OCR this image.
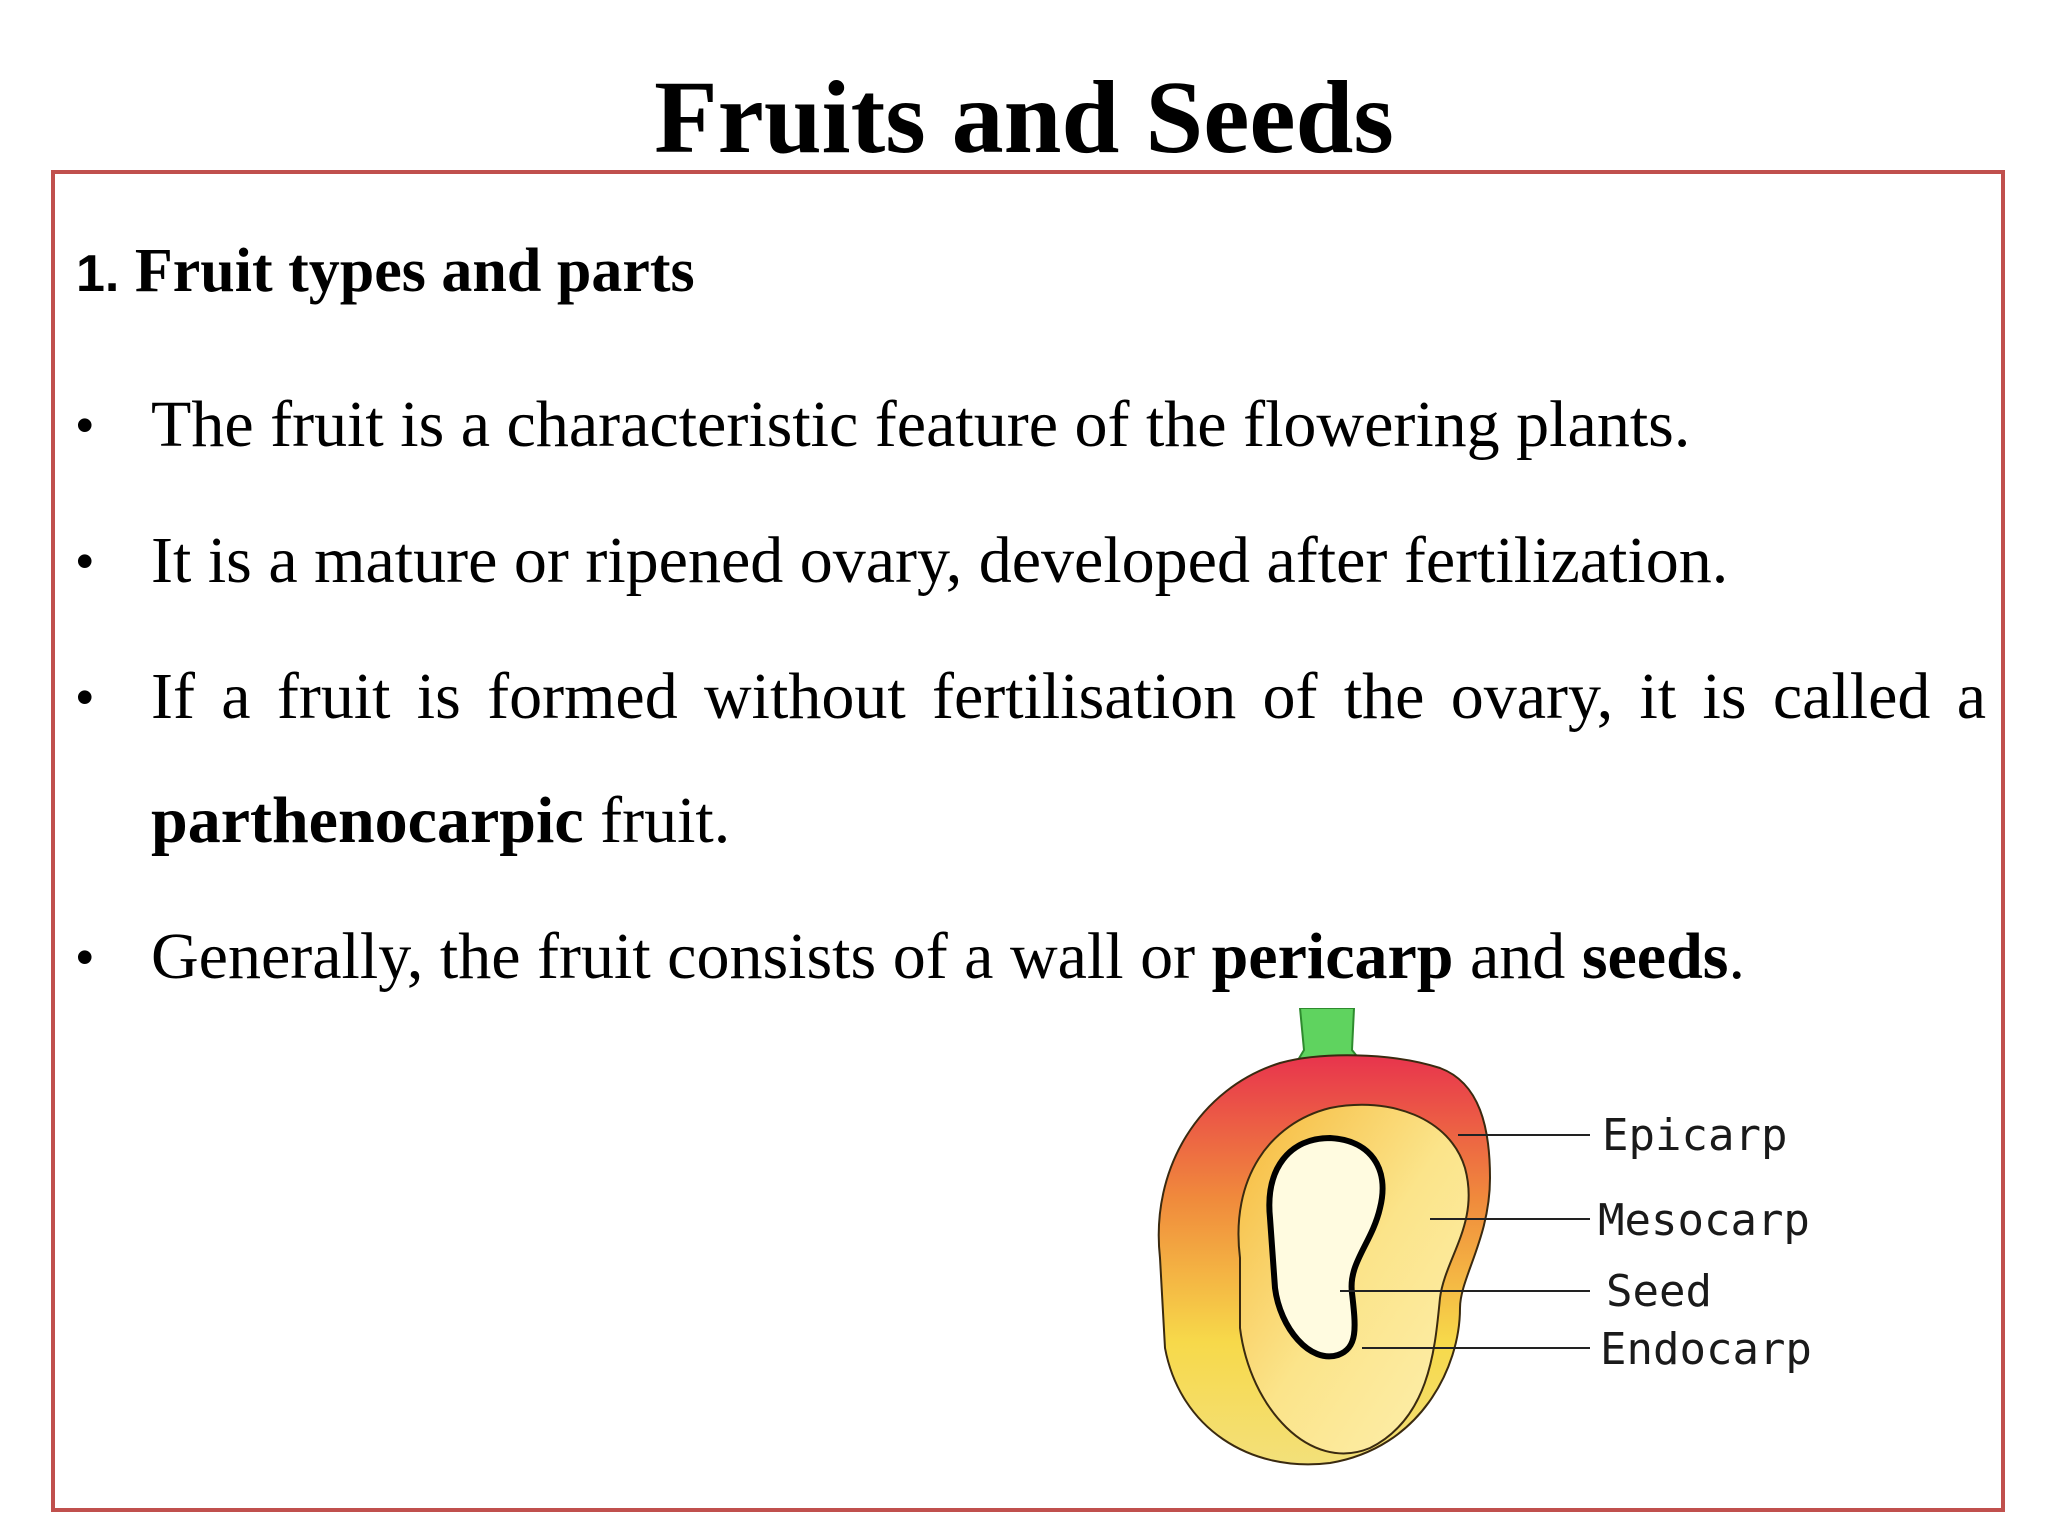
Fruits and Seeds

1. Fruit types and parts

• The fruit is a characteristic feature of the flowering plants.
• It is a mature or ripened ovary, developed after fertilization.
• If a fruit is formed without fertilisation of the ovary, it is called a parthenocarpic fruit.
• Generally, the fruit consists of a wall or pericarp and seeds.
Epicarp
Mesocarp
Seed
Endocarp
